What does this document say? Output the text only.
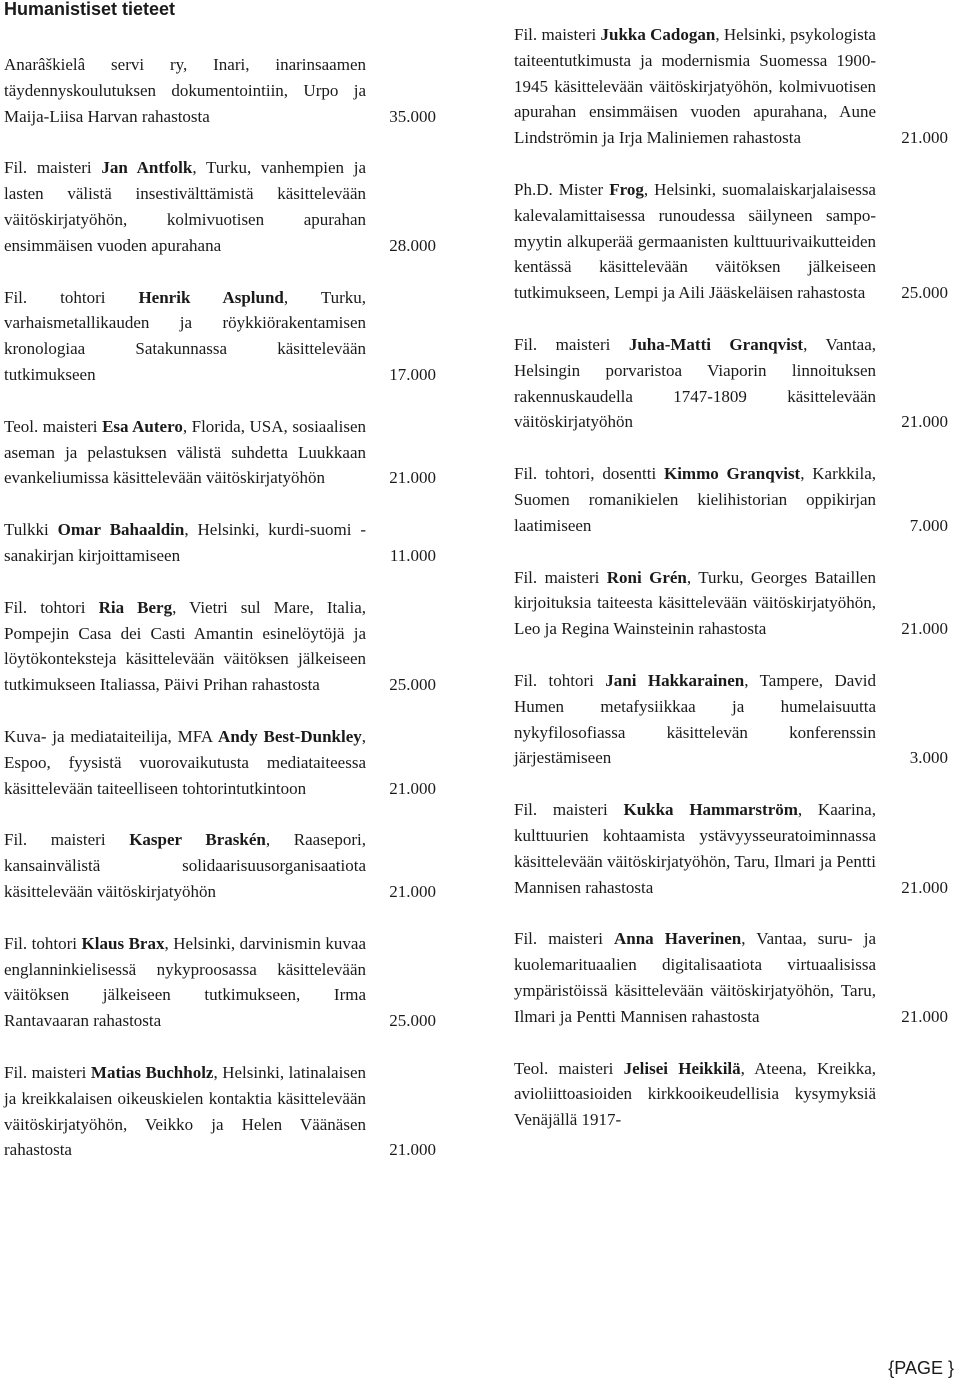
Humanistiset tieteet

Anarâškielâ servi ry, Inari, inarinsaamen täydennyskoulutuksen dokumentointiin, Urpo ja Maija-Liisa Harvan rahastosta	35.000

Fil. maisteri Jan Antfolk, Turku, vanhempien ja lasten välistä insestivälttämistä käsittelevään väitöskirjatyöhön, kolmivuotisen apurahan ensimmäisen vuoden apurahana	28.000

Fil. tohtori Henrik Asplund, Turku, varhaismetallikauden ja röykkiörakentamisen kronologiaa Satakunnassa käsittelevään tutkimukseen	17.000

Teol. maisteri Esa Autero, Florida, USA, sosiaalisen aseman ja pelastuksen välistä suhdetta Luukkaan evankeliumissa käsittelevään väitöskirjatyöhön	21.000

Tulkki Omar Bahaaldin, Helsinki, kurdi-suomi -sanakirjan kirjoittamiseen	11.000

Fil. tohtori Ria Berg, Vietri sul Mare, Italia, Pompejin Casa dei Casti Amantin esinelöytöjä ja löytökonteksteja käsittelevään väitöksen jälkeiseen tutkimukseen Italiassa, Päivi Prihan rahastosta	25.000

Kuva- ja mediataiteilija, MFA Andy Best-Dunkley, Espoo, fyysistä vuorovaikutusta mediataiteessa käsittelevään taiteelliseen tohtorintutkintoon	21.000

Fil. maisteri Kasper Braskén, Raasepori, kansainvälistä solidaarisuusorganisaatiota käsittelevään väitöskirjatyöhön	21.000

Fil. tohtori Klaus Brax, Helsinki, darvinismin kuvaa englanninkielisessä nykyproosassa käsittelevään väitöksen jälkeiseen tutkimukseen, Irma Rantavaaran rahastosta	25.000

Fil. maisteri Matias Buchholz, Helsinki, latinalaisen ja kreikkalaisen oikeuskielen kontaktia käsittelevään väitöskirjatyöhön, Veikko ja Helen Väänäsen rahastosta	21.000

Fil. maisteri Jukka Cadogan, Helsinki, psykologista taiteentutkimusta ja modernismia Suomessa 1900-1945 käsittelevään väitöskirjatyöhön, kolmivuotisen apurahan ensimmäisen vuoden apurahana, Aune Lindströmin ja Irja Maliniemen rahastosta	21.000

Ph.D. Mister Frog, Helsinki, suomalaiskarjalaisessa kalevalamittaisessa runoudessa säilyneen sampo-myytin alkuperää germaanisten kulttuurivaikutteiden kentässä käsittelevään väitöksen jälkeiseen tutkimukseen, Lempi ja Aili Jääskeläisen rahastosta	25.000

Fil. maisteri Juha-Matti Granqvist, Vantaa, Helsingin porvaristoa Viaporin linnoituksen rakennuskaudella 1747-1809 käsittelevään väitöskirjatyöhön	21.000

Fil. tohtori, dosentti Kimmo Granqvist, Karkkila, Suomen romanikielen kielihistorian oppikirjan laatimiseen	7.000

Fil. maisteri Roni Grén, Turku, Georges Bataillen kirjoituksia taiteesta käsittelevään väitöskirjatyöhön, Leo ja Regina Wainsteinin rahastosta	21.000

Fil. tohtori Jani Hakkarainen, Tampere, David Humen metafysiikkaa ja humelaisuutta nykyfilosofiassa käsittelevän konferenssin järjestämiseen	3.000

Fil. maisteri Kukka Hammarström, Kaarina, kulttuurien kohtaamista ystävyysseuratoiminnassa käsittelevään väitöskirjatyöhön, Taru, Ilmari ja Pentti Mannisen rahastosta	21.000

Fil. maisteri Anna Haverinen, Vantaa, suru- ja kuolemarituaalien digitalisaatiota virtuaalisissa ympäristöissä käsittelevään väitöskirjatyöhön, Taru, Ilmari ja Pentti Mannisen rahastosta	21.000

Teol. maisteri Jelisei Heikkilä, Ateena, Kreikka, avioliittoasioiden kirkkooikeudellisia kysymyksiä Venäjällä 1917-

{PAGE }
